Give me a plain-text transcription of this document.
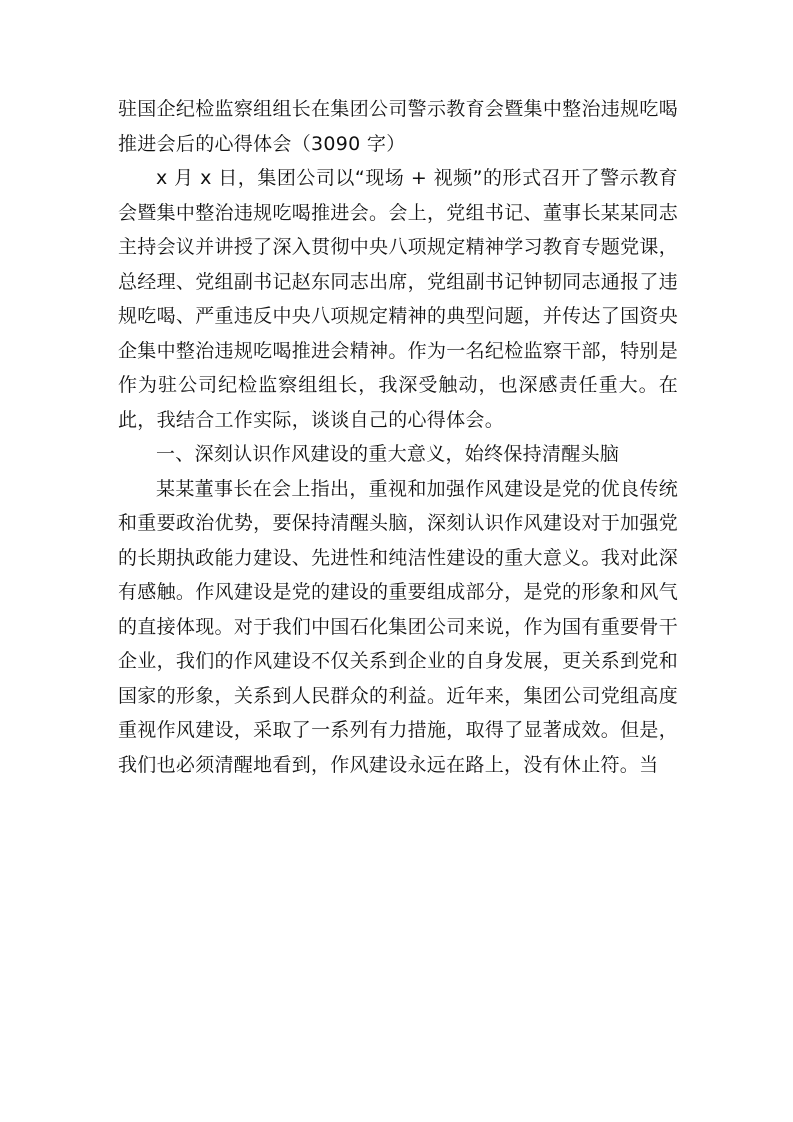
驻国企纪检监察组组长在集团公司警示教育会暨集中整治违规吃喝推进会后的心得体会（3090 字）

x 月 x 日，集团公司以“现场 + 视频”的形式召开了警示教育会暨集中整治违规吃喝推进会。会上，党组书记、董事长某某同志主持会议并讲授了深入贯彻中央八项规定精神学习教育专题党课，总经理、党组副书记赵东同志出席，党组副书记钟韧同志通报了违规吃喝、严重违反中央八项规定精神的典型问题，并传达了国资央企集中整治违规吃喝推进会精神。作为一名纪检监察干部，特别是作为驻公司纪检监察组组长，我深受触动，也深感责任重大。在此，我结合工作实际，谈谈自己的心得体会。

一、深刻认识作风建设的重大意义，始终保持清醒头脑

某某董事长在会上指出，重视和加强作风建设是党的优良传统和重要政治优势，要保持清醒头脑，深刻认识作风建设对于加强党的长期执政能力建设、先进性和纯洁性建设的重大意义。我对此深有感触。作风建设是党的建设的重要组成部分，是党的形象和风气的直接体现。对于我们中国石化集团公司来说，作为国有重要骨干企业，我们的作风建设不仅关系到企业的自身发展，更关系到党和国家的形象，关系到人民群众的利益。近年来，集团公司党组高度重视作风建设，采取了一系列有力措施，取得了显著成效。但是，我们也必须清醒地看到，作风建设永远在路上，没有休止符。当
